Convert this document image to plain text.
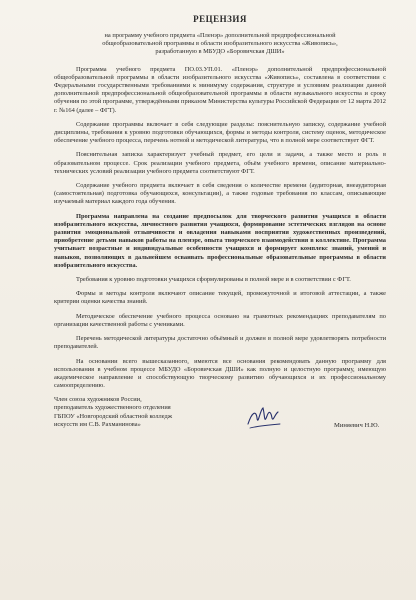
РЕЦЕНЗИЯ
на программу учебного предмета «Пленэр» дополнительной предпрофессиональной
общеобразовательной программы в области изобразительного искусства «Живопись»,
разработанную в МБУДО «Боровичская ДШИ»

Программа учебного предмета ПО.03.УП.01. «Пленэр» дополнительной предпрофессиональной общеобразовательной программы в области изобразительного искусства «Живопись», составлена в соответствии с Федеральными государственными требованиями к минимуму содержания, структуре и условиям реализации данной дополнительной предпрофессиональной общеобразовательной программы в области музыкального искусства и сроку обучения по этой программе, утверждёнными приказом Министерства культуры Российской Федерации от 12 марта 2012 г. №164 (далее – ФГТ).

Содержание программы включает в себя следующие разделы: пояснительную записку, содержание учебной дисциплины, требования к уровню подготовки обучающихся, формы и методы контроля, систему оценок, методическое обеспечение учебного процесса, перечень нотной и методической литературы, что в полной мере соответствует ФГТ.

Пояснительная записка характеризует учебный предмет, его цели и задачи, а также место и роль в образовательном процессе. Срок реализации учебного предмета, объём учебного времени, описание материально-технических условий реализации учебного предмета соответствуют ФГТ.

Содержание учебного предмета включает в себя сведения о количестве времени (аудиторная, внеаудиторная (самостоятельная) подготовка обучающихся, консультации), а также годовые требования по классам, описывающие изучаемый материал каждого года обучения.

Программа направлена на создание предпосылок для творческого развития учащихся в области изобразительного искусства, личностного развития учащихся, формирование эстетических взглядов на основе развития эмоциональной отзывчивости и овладения навыками восприятия художественных произведений, приобретение детьми навыков работы на пленэре, опыта творческого взаимодействия в коллективе. Программа учитывает возрастные и индивидуальные особенности учащихся и формирует комплекс знаний, умений и навыков, позволяющих в дальнейшем осваивать профессиональные образовательные программы в области изобразительного искусства.

Требования к уровню подготовки учащихся сформулированы в полной мере и в соответствии с ФГТ.

Формы и методы контроля включают описание текущей, промежуточной и итоговой аттестации, а также критерии оценки качества знаний.

Методическое обеспечение учебного процесса основано на грамотных рекомендациях преподавателям по организации качественной работы с учениками.

Перечень методической литературы достаточно объёмный и должен в полной мере удовлетворять потребности преподавателей.

На основании всего вышесказанного, имеются все основания рекомендовать данную программу для использования в учебном процессе МБУДО «Боровичская ДШИ» как полную и целостную программу, имеющую академическое направление и способствующую творческому развитию обучающихся и их профессиональному самоопределению.

Член союза художников России,
преподаватель художественного отделения
ГБПОУ «Новгородский областной колледж
искусств им С.В. Рахманинова»	Миняевич Н.Ю.
